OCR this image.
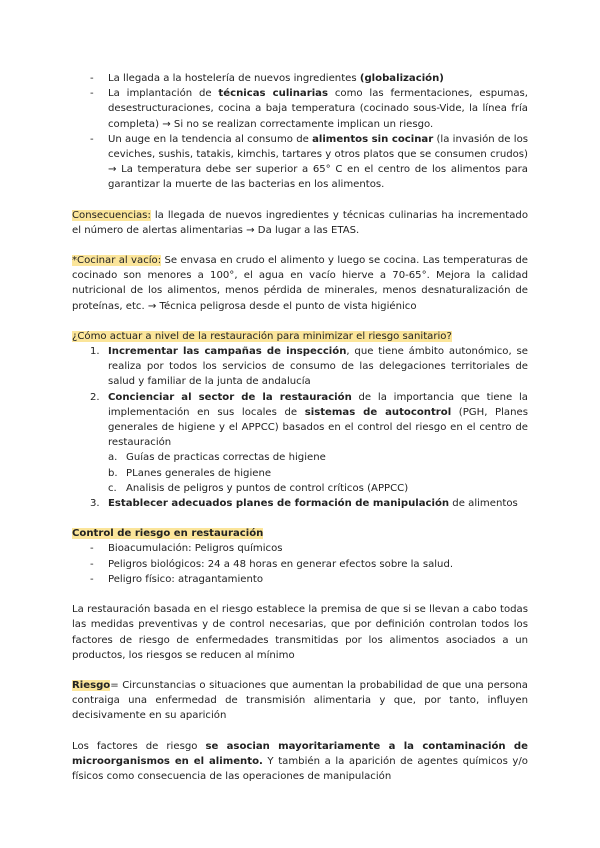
- La llegada a la hostelería de nuevos ingredientes (globalización)
- La implantación de técnicas culinarias como las fermentaciones, espumas, desestructuraciones, cocina a baja temperatura (cocinado sous-Vide, la línea fría completa) → Si no se realizan correctamente implican un riesgo.
- Un auge en la tendencia al consumo de alimentos sin cocinar (la invasión de los ceviches, sushis, tatakis, kimchis, tartares y otros platos que se consumen crudos) → La temperatura debe ser superior a 65° C en el centro de los alimentos para garantizar la muerte de las bacterias en los alimentos.

Consecuencias: la llegada de nuevos ingredientes y técnicas culinarias ha incrementado el número de alertas alimentarias → Da lugar a las ETAS.

*Cocinar al vacío: Se envasa en crudo el alimento y luego se cocina. Las temperaturas de cocinado son menores a 100°, el agua en vacío hierve a 70-65°. Mejora la calidad nutricional de los alimentos, menos pérdida de minerales, menos desnaturalización de proteínas, etc. → Técnica peligrosa desde el punto de vista higiénico

¿Cómo actuar a nivel de la restauración para minimizar el riesgo sanitario?

1. Incrementar las campañas de inspección, que tiene ámbito autonómico, se realiza por todos los servicios de consumo de las delegaciones territoriales de salud y familiar de la junta de andalucía
2. Concienciar al sector de la restauración de la importancia que tiene la implementación en sus locales de sistemas de autocontrol (PGH, Planes generales de higiene y el APPCC) basados en el control del riesgo en el centro de restauración
a. Guías de practicas correctas de higiene
b. PLanes generales de higiene
c. Analisis de peligros y puntos de control críticos (APPCC)
3. Establecer adecuados planes de formación de manipulación de alimentos

Control de riesgo en restauración

- Bioacumulación: Peligros químicos
- Peligros biológicos: 24 a 48 horas en generar efectos sobre la salud.
- Peligro físico: atragantamiento

La restauración basada en el riesgo establece la premisa de que si se llevan a cabo todas las medidas preventivas y de control necesarias, que por definición controlan todos los factores de riesgo de enfermedades transmitidas por los alimentos asociados a un productos, los riesgos se reducen al mínimo

Riesgo= Circunstancias o situaciones que aumentan la probabilidad de que una persona contraiga una enfermedad de transmisión alimentaria y que, por tanto, influyen decisivamente en su aparición

Los factores de riesgo se asocian mayoritariamente a la contaminación de microorganismos en el alimento. Y también a la aparición de agentes químicos y/o físicos como consecuencia de las operaciones de manipulación
